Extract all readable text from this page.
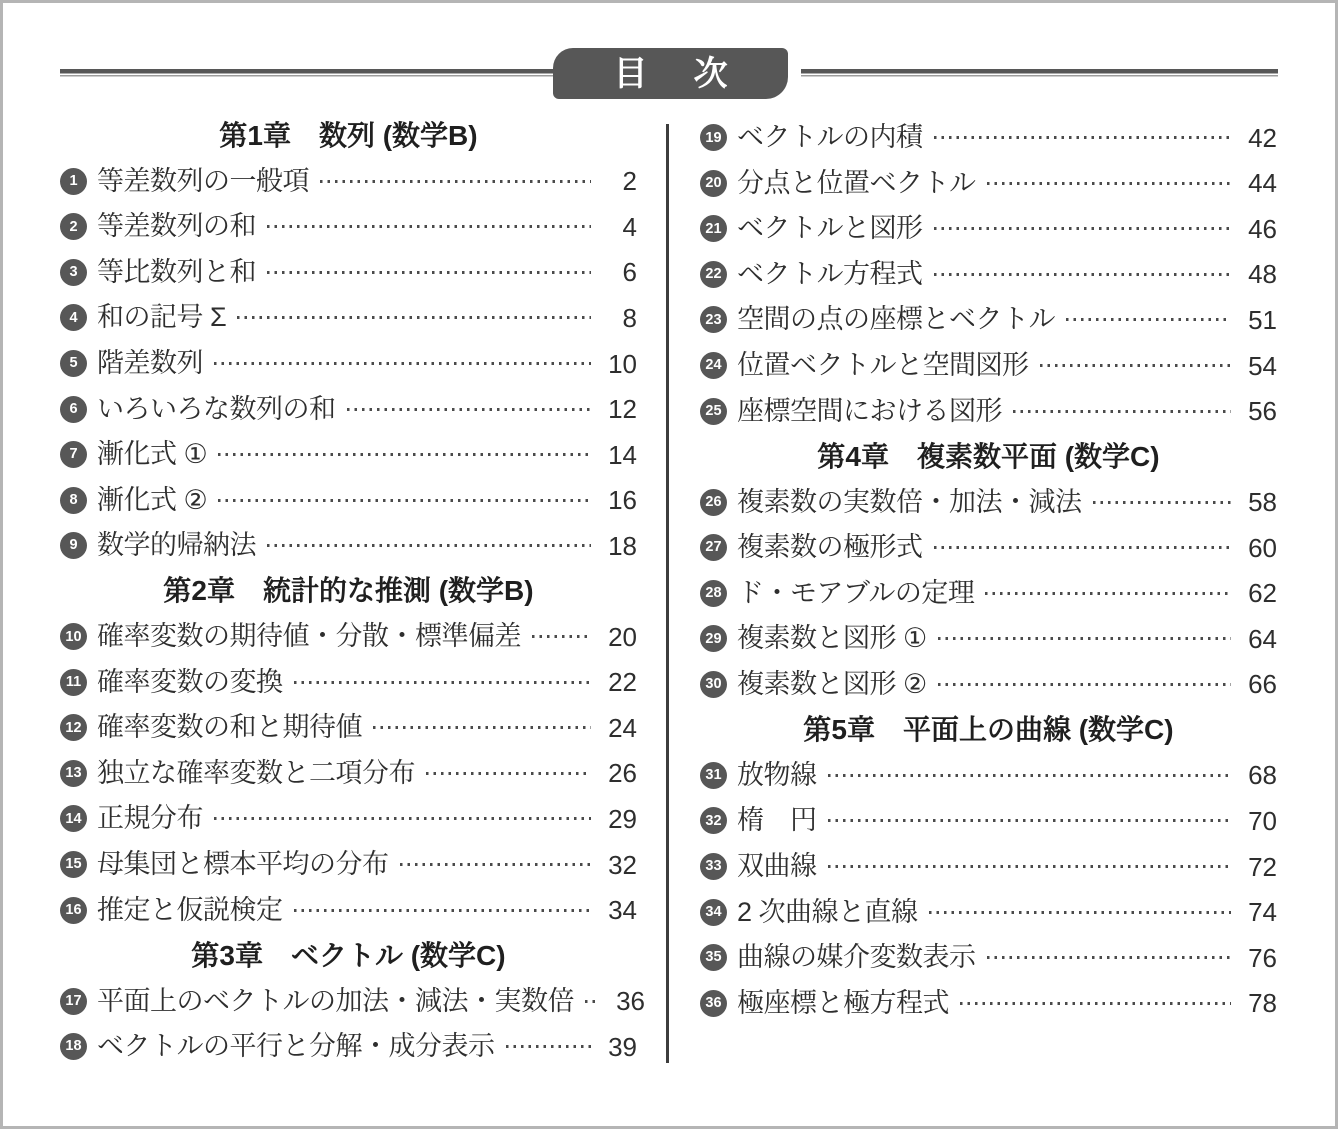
目　次
第1章　数列 (数学B)
1 等差数列の一般項	2
2 等差数列の和	4
3 等比数列と和	6
4 和の記号 Σ	8
5 階差数列	10
6 いろいろな数列の和	12
7 漸化式 ①	14
8 漸化式 ②	16
9 数学的帰納法	18
第2章　統計的な推測 (数学B)
10 確率変数の期待値・分散・標準偏差	20
11 確率変数の変換	22
12 確率変数の和と期待値	24
13 独立な確率変数と二項分布	26
14 正規分布	29
15 母集団と標本平均の分布	32
16 推定と仮説検定	34
第3章　ベクトル (数学C)
17 平面上のベクトルの加法・減法・実数倍	36
18 ベクトルの平行と分解・成分表示	39
19 ベクトルの内積	42
20 分点と位置ベクトル	44
21 ベクトルと図形	46
22 ベクトル方程式	48
23 空間の点の座標とベクトル	51
24 位置ベクトルと空間図形	54
25 座標空間における図形	56
第4章　複素数平面 (数学C)
26 複素数の実数倍・加法・減法	58
27 複素数の極形式	60
28 ド・モアブルの定理	62
29 複素数と図形 ①	64
30 複素数と図形 ②	66
第5章　平面上の曲線 (数学C)
31 放物線	68
32 楕　円	70
33 双曲線	72
34 2 次曲線と直線	74
35 曲線の媒介変数表示	76
36 極座標と極方程式	78
